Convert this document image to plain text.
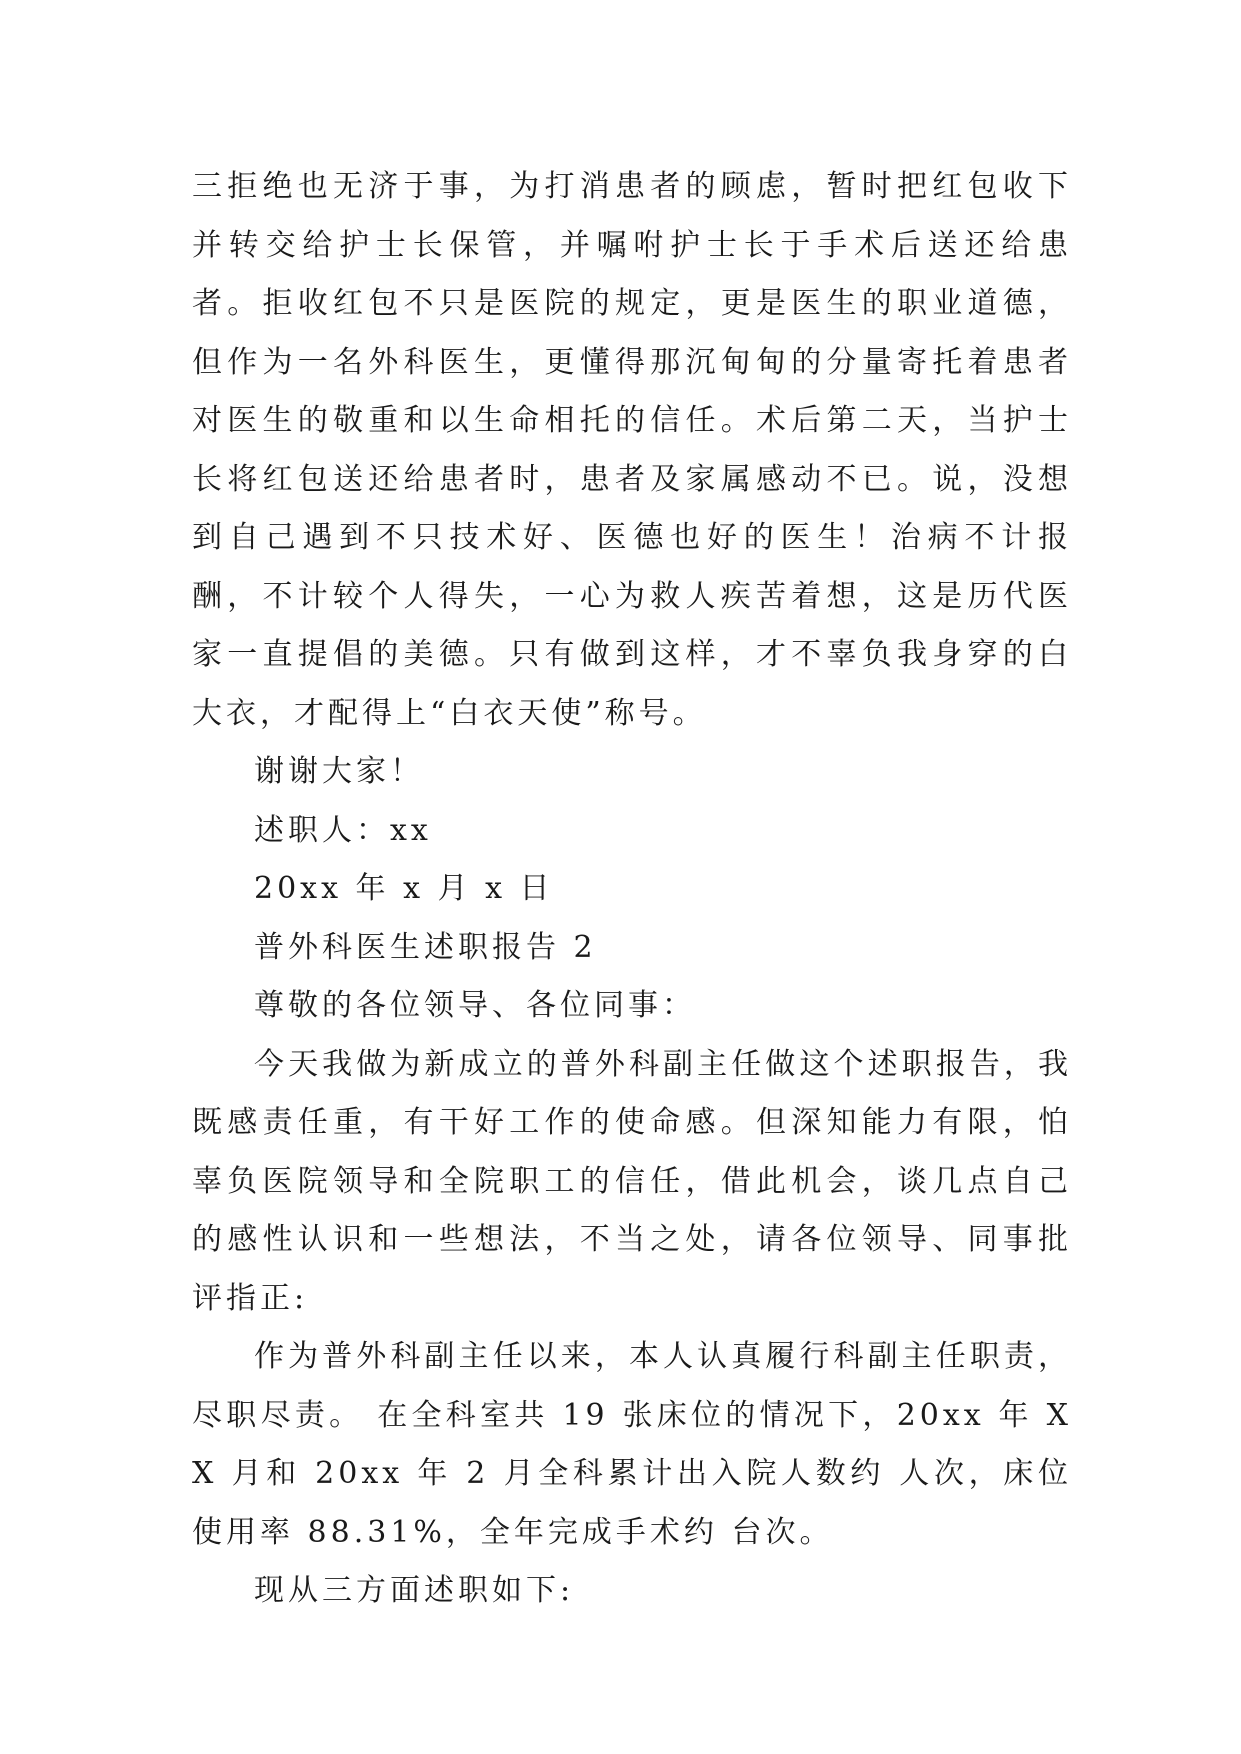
三拒绝也无济于事，为打消患者的顾虑，暂时把红包收下并转交给护士长保管，并嘱咐护士长于手术后送还给患者。拒收红包不只是医院的规定，更是医生的职业道德，但作为一名外科医生，更懂得那沉甸甸的分量寄托着患者对医生的敬重和以生命相托的信任。术后第二天，当护士长将红包送还给患者时，患者及家属感动不已。说，没想到自己遇到不只技术好、医德也好的医生！治病不计报酬，不计较个人得失，一心为救人疾苦着想，这是历代医家一直提倡的美德。只有做到这样，才不辜负我身穿的白大衣，才配得上“白衣天使”称号。

谢谢大家！

述职人：xx

20xx 年 x 月 x 日

普外科医生述职报告 2

尊敬的各位领导、各位同事：

今天我做为新成立的普外科副主任做这个述职报告，我既感责任重，有干好工作的使命感。但深知能力有限，怕辜负医院领导和全院职工的信任，借此机会，谈几点自己的感性认识和一些想法，不当之处，请各位领导、同事批评指正:

作为普外科副主任以来，本人认真履行科副主任职责，尽职尽责。 在全科室共 19 张床位的情况下，20xx 年 XX 月和 20xx 年 2 月全科累计出入院人数约 人次，床位使用率 88.31%，全年完成手术约 台次。

现从三方面述职如下:
